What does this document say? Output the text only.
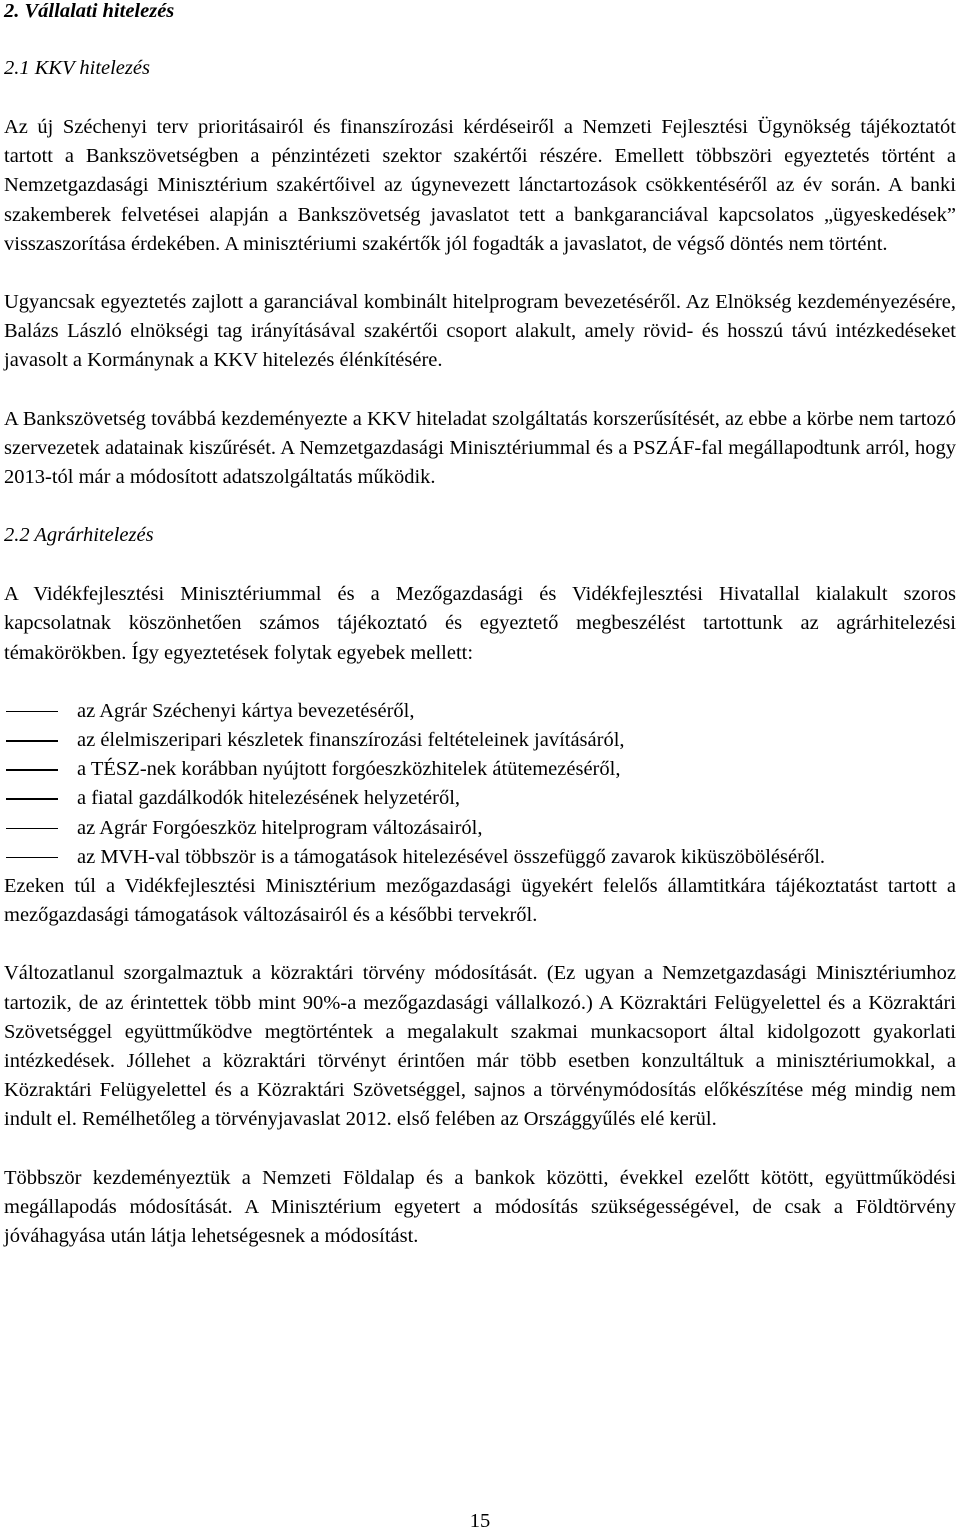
2. Vállalati hitelezés
2.1 KKV hitelezés

Az új Széchenyi terv prioritásairól és finanszírozási kérdéseiről a Nemzeti Fejlesztési Ügynökség tájékoztatót tartott a Bankszövetségben a pénzintézeti szektor szakértői részére. Emellett többszöri egyeztetés történt a Nemzetgazdasági Minisztérium szakértőivel az úgynevezett lánctartozások csökkentéséről az év során. A banki szakemberek felvetései alapján a Bankszövetség javaslatot tett a bankgaranciával kapcsolatos „ügyeskedések” visszaszorítása érdekében. A minisztériumi szakértők jól fogadták a javaslatot, de végső döntés nem történt.

Ugyancsak egyeztetés zajlott a garanciával kombinált hitelprogram bevezetéséről. Az Elnökség kezdeményezésére, Balázs László elnökségi tag irányításával szakértői csoport alakult, amely rövid- és hosszú távú intézkedéseket javasolt a Kormánynak a KKV hitelezés élénkítésére.

A Bankszövetség továbbá kezdeményezte a KKV hiteladat szolgáltatás korszerűsítését, az ebbe a körbe nem tartozó szervezetek adatainak kiszűrését. A Nemzetgazdasági Minisztériummal és a PSZÁF-fal megállapodtunk arról, hogy 2013-tól már a módosított adatszolgáltatás működik.

2.2 Agrárhitelezés

A Vidékfejlesztési Minisztériummal és a Mezőgazdasági és Vidékfejlesztési Hivatallal kialakult szoros kapcsolatnak köszönhetően számos tájékoztató és egyeztető megbeszélést tartottunk az agrárhitelezési témakörökben. Így egyeztetések folytak egyebek mellett:

az Agrár Széchenyi kártya bevezetéséről,
az élelmiszeripari készletek finanszírozási feltételeinek javításáról,
a TÉSZ-nek korábban nyújtott forgóeszközhitelek átütemezéséről,
a fiatal gazdálkodók hitelezésének helyzetéről,
az Agrár Forgóeszköz hitelprogram változásairól,
az MVH-val többször is a támogatások hitelezésével összefüggő zavarok kiküszöböléséről.

Ezeken túl a Vidékfejlesztési Minisztérium mezőgazdasági ügyekért felelős államtitkára tájékoztatást tartott a mezőgazdasági támogatások változásairól és a későbbi tervekről.

Változatlanul szorgalmaztuk a közraktári törvény módosítását. (Ez ugyan a Nemzetgazdasági Minisztériumhoz tartozik, de az érintettek több mint 90%-a mezőgazdasági vállalkozó.) A Közraktári Felügyelettel és a Közraktári Szövetséggel együttműködve megtörténtek a megalakult szakmai munkacsoport által kidolgozott gyakorlati intézkedések. Jóllehet a közraktári törvényt érintően már több esetben konzultáltuk a minisztériumokkal, a Közraktári Felügyelettel és a Közraktári Szövetséggel, sajnos a törvénymódosítás előkészítése még mindig nem indult el. Remélhetőleg a törvényjavaslat 2012. első felében az Országgyűlés elé kerül.

Többször kezdeményeztük a Nemzeti Földalap és a bankok közötti, évekkel ezelőtt kötött, együttműködési megállapodás módosítását. A Minisztérium egyetert a módosítás szükségességével, de csak a Földtörvény jóváhagyása után látja lehetségesnek a módosítást.

15
